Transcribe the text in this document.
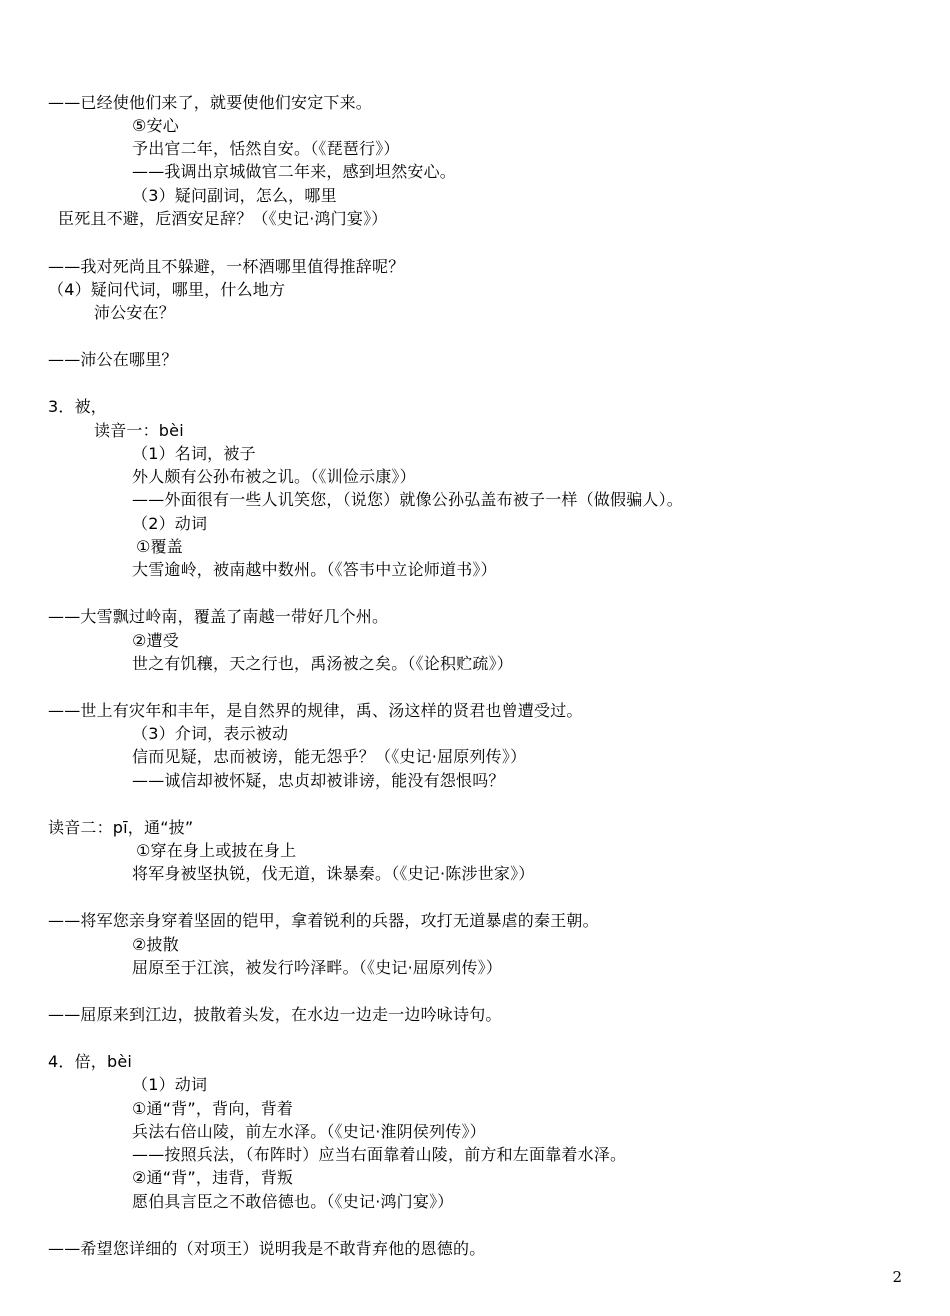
——已经使他们来了，就要使他们安定下来。
⑤安心
予出官二年，恬然自安。（《琵琶行》）
——我调出京城做官二年来，感到坦然安心。
（3）疑问副词，怎么，哪里
臣死且不避，卮酒安足辞？（《史记·鸿门宴》）
——我对死尚且不躲避，一杯酒哪里值得推辞呢？
（4）疑问代词，哪里，什么地方
沛公安在？
——沛公在哪里？
3．被，
读音一：bèi
（1）名词，被子
外人颇有公孙布被之讥。（《训俭示康》）
——外面很有一些人讥笑您，（说您）就像公孙弘盖布被子一样（做假骗人）。
（2）动词
①覆盖
大雪逾岭，被南越中数州。（《答韦中立论师道书》）
——大雪飘过岭南，覆盖了南越一带好几个州。
②遭受
世之有饥穰，天之行也，禹汤被之矣。（《论积贮疏》）
——世上有灾年和丰年，是自然界的规律，禹、汤这样的贤君也曾遭受过。
（3）介词，表示被动
信而见疑，忠而被谤，能无怨乎？（《史记·屈原列传》）
——诚信却被怀疑，忠贞却被诽谤，能没有怨恨吗？
读音二：pī，通“披”
①穿在身上或披在身上
将军身被坚执锐，伐无道，诛暴秦。（《史记·陈涉世家》）
——将军您亲身穿着坚固的铠甲，拿着锐利的兵器，攻打无道暴虐的秦王朝。
②披散
屈原至于江滨，被发行吟泽畔。（《史记·屈原列传》）
——屈原来到江边，披散着头发，在水边一边走一边吟咏诗句。
4．倍，bèi
（1）动词
①通“背”，背向，背着
兵法右倍山陵，前左水泽。（《史记·淮阴侯列传》）
——按照兵法，（布阵时）应当右面靠着山陵，前方和左面靠着水泽。
②通“背”，违背，背叛
愿伯具言臣之不敢倍德也。（《史记·鸿门宴》）
——希望您详细的（对项王）说明我是不敢背弃他的恩德的。
2
